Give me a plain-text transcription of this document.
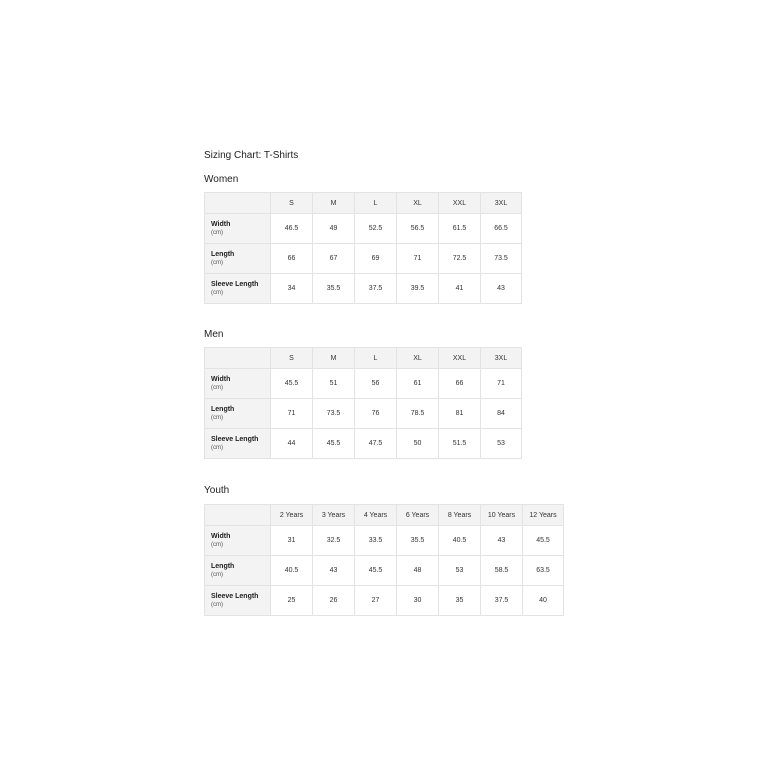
Sizing Chart: T-Shirts
Women
	S	M	L	XL	XXL	3XL

Width
(cm)	46.5	49	52.5	56.5	61.5	66.5

Length
(cm)	66	67	69	71	72.5	73.5

Sleeve Length
(cm)	34	35.5	37.5	39.5	41	43
Men
	S	M	L	XL	XXL	3XL

Width
(cm)	45.5	51	56	61	66	71

Length
(cm)	71	73.5	76	78.5	81	84

Sleeve Length
(cm)	44	45.5	47.5	50	51.5	53
Youth
	2 Years	3 Years	4 Years	6 Years	8 Years	10 Years	12 Years

Width
(cm)	31	32.5	33.5	35.5	40.5	43	45.5

Length
(cm)	40.5	43	45.5	48	53	58.5	63.5

Sleeve Length
(cm)	25	26	27	30	35	37.5	40
